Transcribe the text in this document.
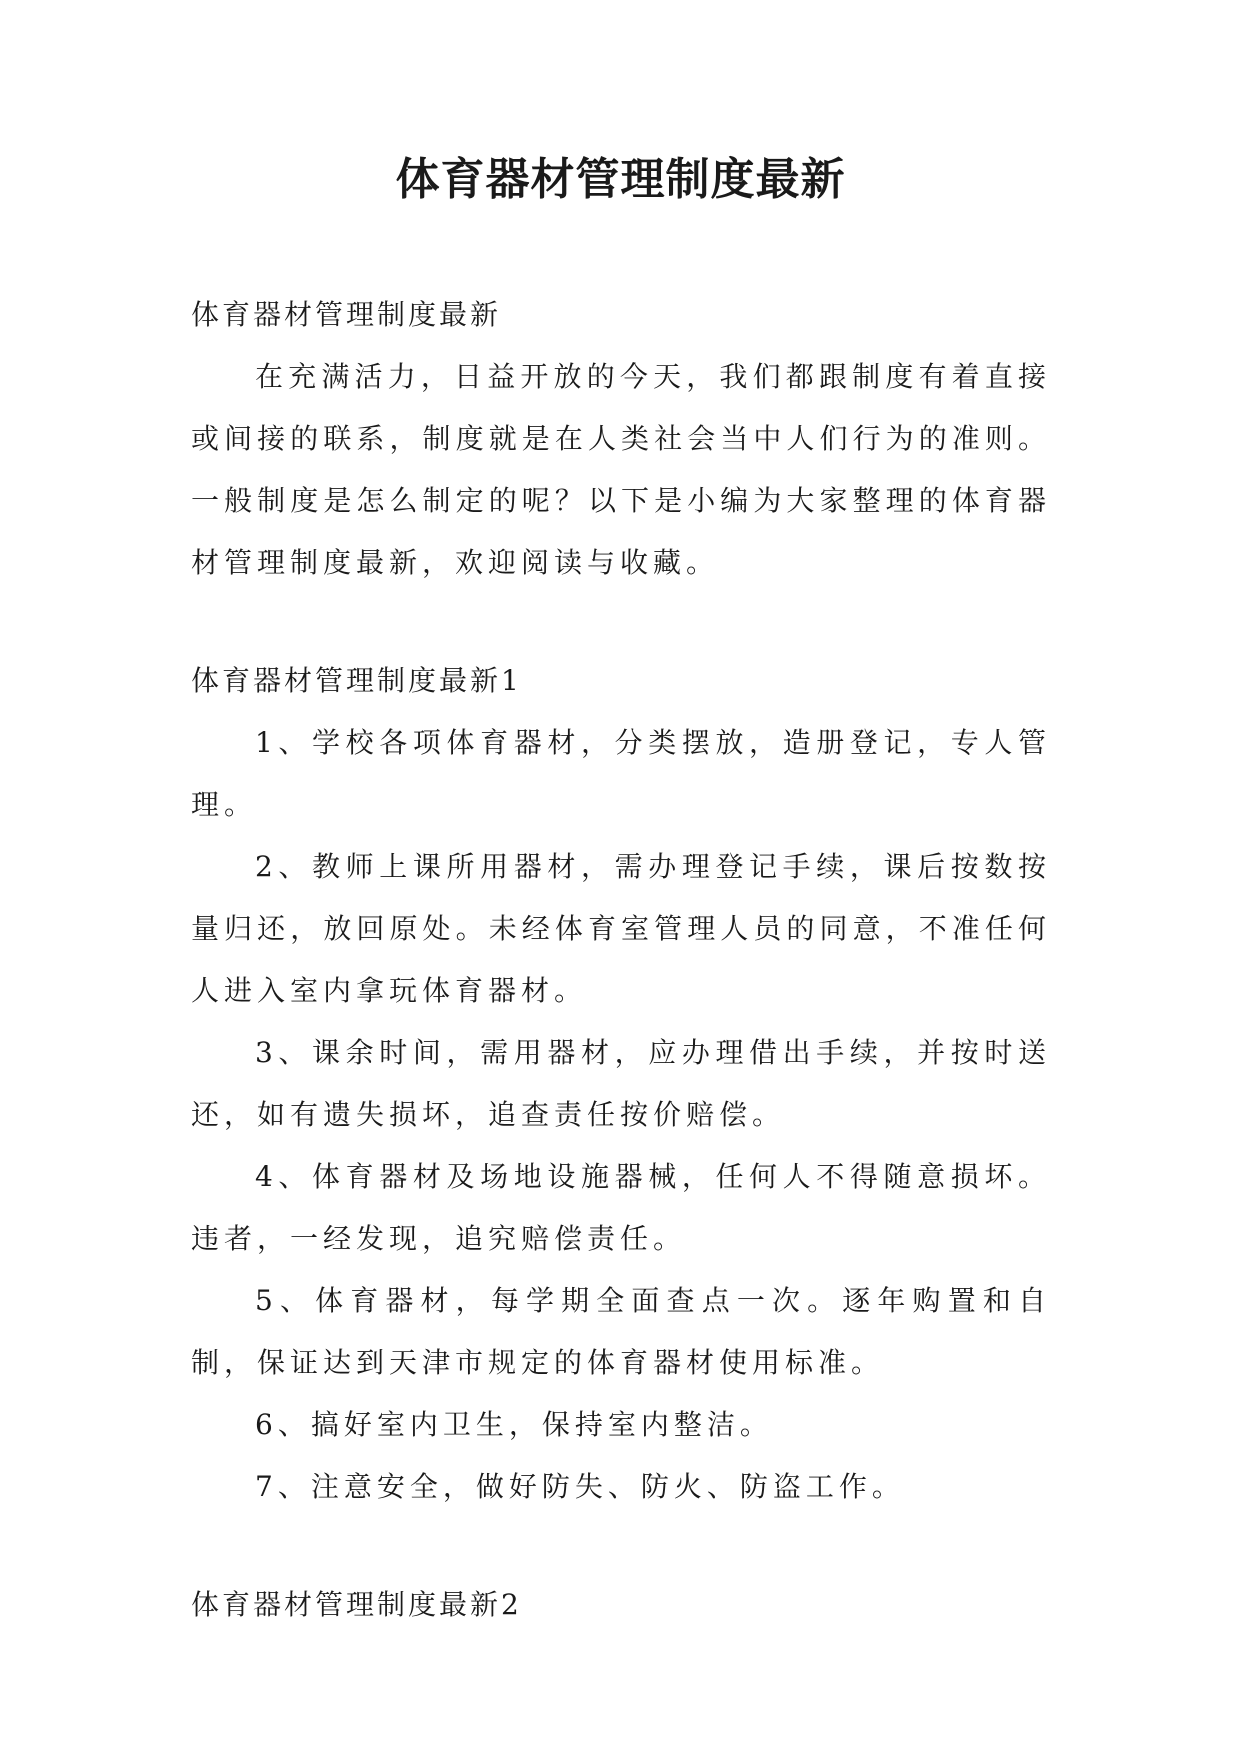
体育器材管理制度最新

体育器材管理制度最新

在充满活力，日益开放的今天，我们都跟制度有着直接或间接的联系，制度就是在人类社会当中人们行为的准则。一般制度是怎么制定的呢？以下是小编为大家整理的体育器材管理制度最新，欢迎阅读与收藏。

体育器材管理制度最新1

1、学校各项体育器材，分类摆放，造册登记，专人管理。

2、教师上课所用器材，需办理登记手续，课后按数按量归还，放回原处。未经体育室管理人员的同意，不准任何人进入室内拿玩体育器材。

3、课余时间，需用器材，应办理借出手续，并按时送还，如有遗失损坏，追查责任按价赔偿。

4、体育器材及场地设施器械，任何人不得随意损坏。违者，一经发现，追究赔偿责任。

5、体育器材，每学期全面查点一次。逐年购置和自制，保证达到天津市规定的体育器材使用标准。

6、搞好室内卫生，保持室内整洁。

7、注意安全，做好防失、防火、防盗工作。

体育器材管理制度最新2
